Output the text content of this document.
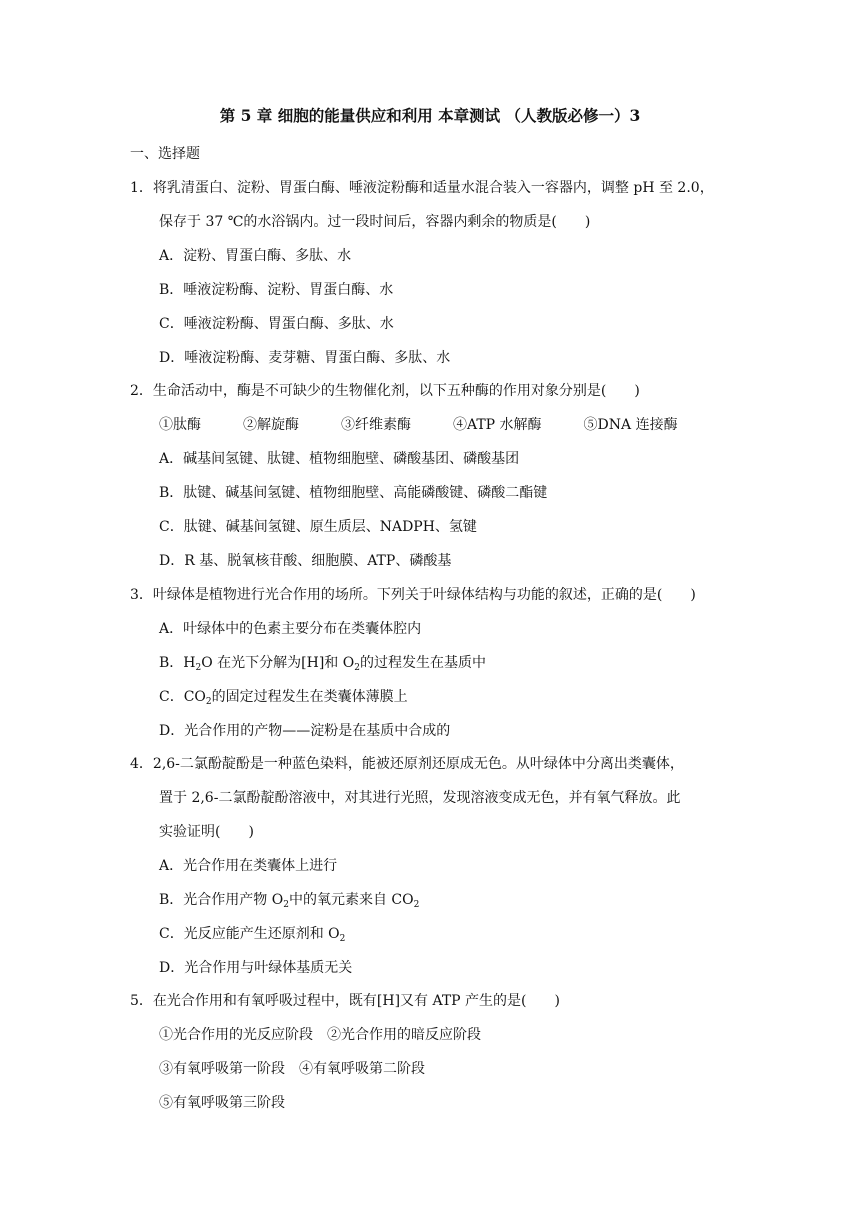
第 5 章 细胞的能量供应和利用 本章测试 （人教版必修一）3
一、选择题
1．将乳清蛋白、淀粉、胃蛋白酶、唾液淀粉酶和适量水混合装入一容器内，调整 pH 至 2.0，
保存于 37 ℃的水浴锅内。过一段时间后，容器内剩余的物质是(　　)
A．淀粉、胃蛋白酶、多肽、水
B．唾液淀粉酶、淀粉、胃蛋白酶、水
C．唾液淀粉酶、胃蛋白酶、多肽、水
D．唾液淀粉酶、麦芽糖、胃蛋白酶、多肽、水
2．生命活动中，酶是不可缺少的生物催化剂，以下五种酶的作用对象分别是(　　)
①肽酶　　　②解旋酶　　　③纤维素酶　　　④ATP 水解酶　　　⑤DNA 连接酶
A．碱基间氢键、肽键、植物细胞壁、磷酸基团、磷酸基团
B．肽键、碱基间氢键、植物细胞壁、高能磷酸键、磷酸二酯键
C．肽键、碱基间氢键、原生质层、NADPH、氢键
D．R 基、脱氧核苷酸、细胞膜、ATP、磷酸基
3．叶绿体是植物进行光合作用的场所。下列关于叶绿体结构与功能的叙述，正确的是(　　)
A．叶绿体中的色素主要分布在类囊体腔内
B．$H_2O$ 在光下分解为[H]和 $O_2$的过程发生在基质中
C．$CO_2$的固定过程发生在类囊体薄膜上
D．光合作用的产物——淀粉是在基质中合成的
4．2,6-二氯酚靛酚是一种蓝色染料，能被还原剂还原成无色。从叶绿体中分离出类囊体，
置于 2,6-二氯酚靛酚溶液中，对其进行光照，发现溶液变成无色，并有氧气释放。此
实验证明(　　)
A．光合作用在类囊体上进行
B．光合作用产物 $O_2$中的氧元素来自 $CO_2$
C．光反应能产生还原剂和 $O_2$
D．光合作用与叶绿体基质无关
5．在光合作用和有氧呼吸过程中，既有[H]又有 ATP 产生的是(　　)
①光合作用的光反应阶段　②光合作用的暗反应阶段
③有氧呼吸第一阶段　④有氧呼吸第二阶段
⑤有氧呼吸第三阶段
